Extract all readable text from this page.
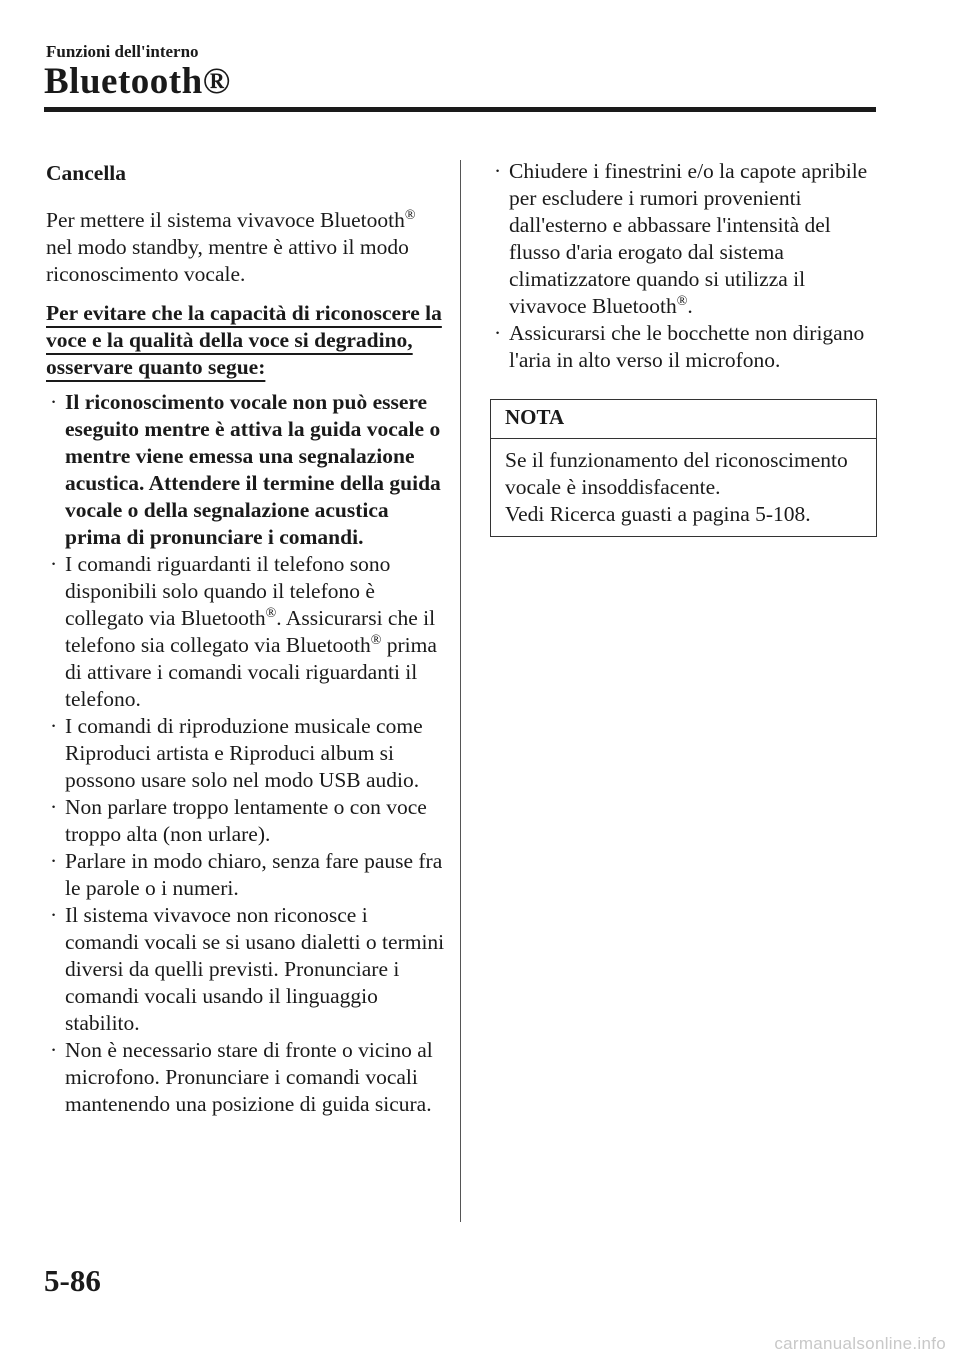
Funzioni dell'interno
Bluetooth®
Cancella

Per mettere il sistema vivavoce Bluetooth® nel modo standby, mentre è attivo il modo riconoscimento vocale.

Per evitare che la capacità di riconoscere la voce e la qualità della voce si degradino, osservare quanto segue:
· Il riconoscimento vocale non può essere eseguito mentre è attiva la guida vocale o mentre viene emessa una segnalazione acustica. Attendere il termine della guida vocale o della segnalazione acustica prima di pronunciare i comandi.
· I comandi riguardanti il telefono sono disponibili solo quando il telefono è collegato via Bluetooth®. Assicurarsi che il telefono sia collegato via Bluetooth® prima di attivare i comandi vocali riguardanti il telefono.
· I comandi di riproduzione musicale come Riproduci artista e Riproduci album si possono usare solo nel modo USB audio.
· Non parlare troppo lentamente o con voce troppo alta (non urlare).
· Parlare in modo chiaro, senza fare pause fra le parole o i numeri.
· Il sistema vivavoce non riconosce i comandi vocali se si usano dialetti o termini diversi da quelli previsti. Pronunciare i comandi vocali usando il linguaggio stabilito.
· Non è necessario stare di fronte o vicino al microfono. Pronunciare i comandi vocali mantenendo una posizione di guida sicura.
· Chiudere i finestrini e/o la capote apribile per escludere i rumori provenienti dall'esterno e abbassare l'intensità del flusso d'aria erogato dal sistema climatizzatore quando si utilizza il vivavoce Bluetooth®.
· Assicurarsi che le bocchette non dirigano l'aria in alto verso il microfono.
NOTA
Se il funzionamento del riconoscimento vocale è insoddisfacente.
Vedi Ricerca guasti a pagina 5-108.
5-86
carmanualsonline.info
